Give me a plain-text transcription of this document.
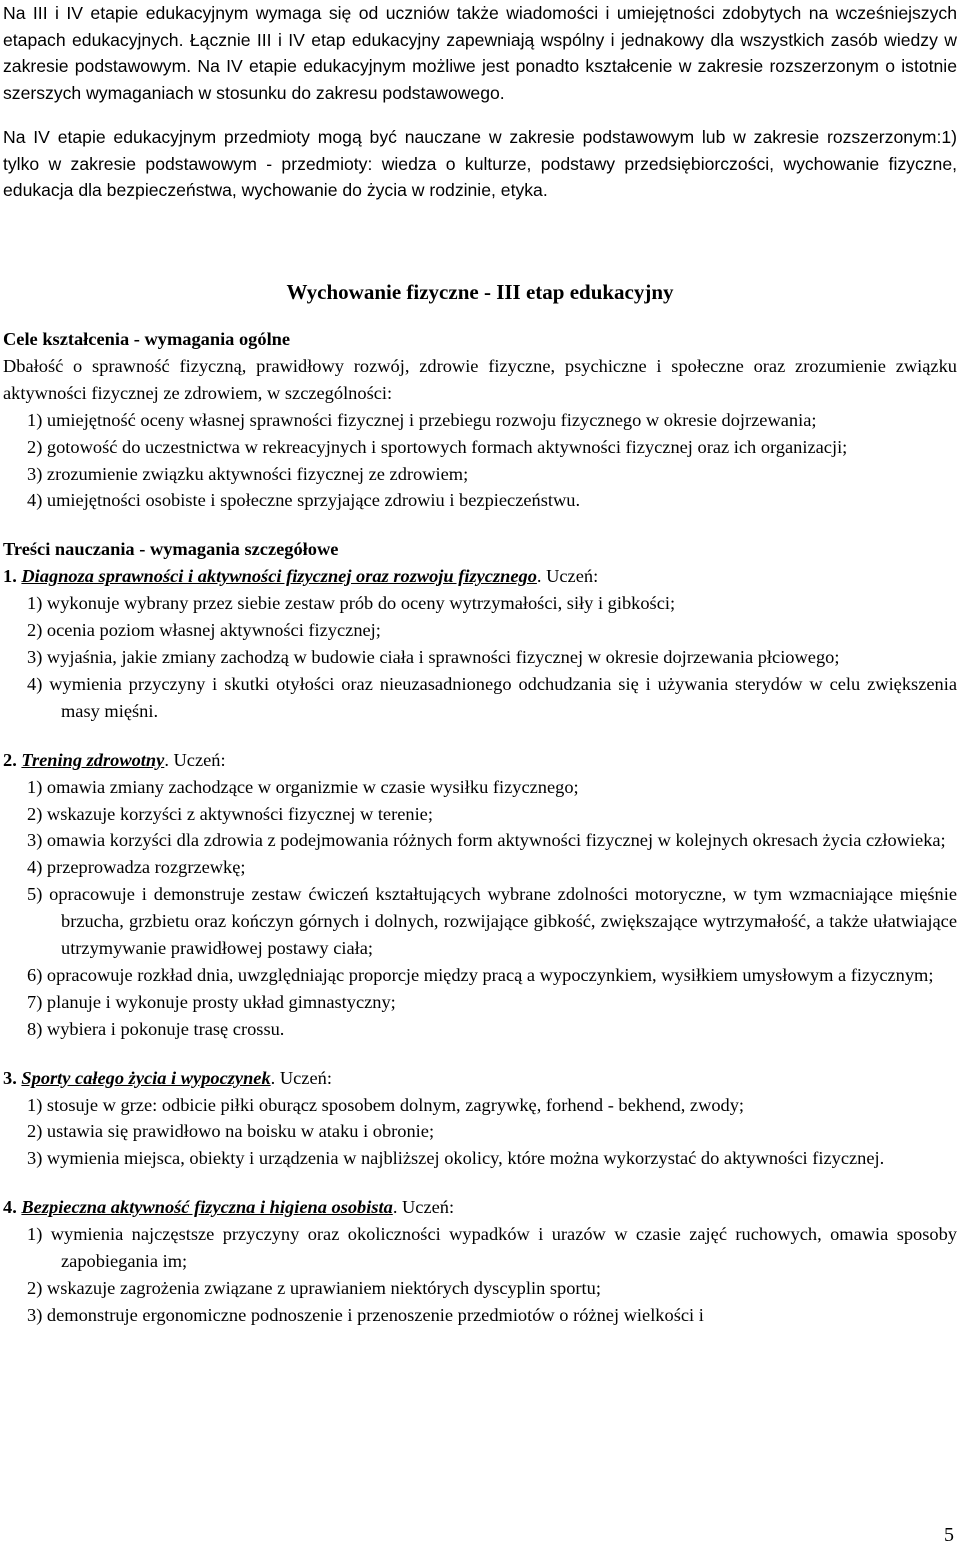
Na III i IV etapie edukacyjnym wymaga się od uczniów także wiadomości i umiejętności zdobytych na wcześniejszych etapach edukacyjnych. Łącznie III i IV etap edukacyjny zapewniają wspólny i jednakowy dla wszystkich zasób wiedzy w zakresie podstawowym. Na IV etapie edukacyjnym możliwe jest ponadto kształcenie w zakresie rozszerzonym o istotnie szerszych wymaganiach w stosunku do zakresu podstawowego.

Na IV etapie edukacyjnym przedmioty mogą być nauczane w zakresie podstawowym lub w zakresie rozszerzonym:1) tylko w zakresie podstawowym - przedmioty: wiedza o kulturze, podstawy przedsiębiorczości, wychowanie fizyczne, edukacja dla bezpieczeństwa, wychowanie do życia w rodzinie, etyka.

Wychowanie fizyczne - III etap edukacyjny
Cele kształcenia - wymagania ogólne

Dbałość o sprawność fizyczną, prawidłowy rozwój, zdrowie fizyczne, psychiczne i społeczne oraz zrozumienie związku aktywności fizycznej ze zdrowiem, w szczególności:

1) umiejętność oceny własnej sprawności fizycznej i przebiegu rozwoju fizycznego w okresie dojrzewania;
2) gotowość do uczestnictwa w rekreacyjnych i sportowych formach aktywności fizycznej oraz ich organizacji;
3) zrozumienie związku aktywności fizycznej ze zdrowiem;
4) umiejętności osobiste i społeczne sprzyjające zdrowiu i bezpieczeństwu.
Treści nauczania - wymagania szczegółowe
1. Diagnoza sprawności i aktywności fizycznej oraz rozwoju fizycznego. Uczeń:
1) wykonuje wybrany przez siebie zestaw prób do oceny wytrzymałości, siły i gibkości;
2) ocenia poziom własnej aktywności fizycznej;
3) wyjaśnia, jakie zmiany zachodzą w budowie ciała i sprawności fizycznej w okresie dojrzewania płciowego;
4) wymienia przyczyny i skutki otyłości oraz nieuzasadnionego odchudzania się i używania sterydów w celu zwiększenia masy mięśni.
2. Trening zdrowotny. Uczeń:
1) omawia zmiany zachodzące w organizmie w czasie wysiłku fizycznego;
2) wskazuje korzyści z aktywności fizycznej w terenie;
3) omawia korzyści dla zdrowia z podejmowania różnych form aktywności fizycznej w kolejnych okresach życia człowieka;
4) przeprowadza rozgrzewkę;
5) opracowuje i demonstruje zestaw ćwiczeń kształtujących wybrane zdolności motoryczne, w tym wzmacniające mięśnie brzucha, grzbietu oraz kończyn górnych i dolnych, rozwijające gibkość, zwiększające wytrzymałość, a także ułatwiające utrzymywanie prawidłowej postawy ciała;
6) opracowuje rozkład dnia, uwzględniając proporcje między pracą a wypoczynkiem, wysiłkiem umysłowym a fizycznym;
7) planuje i wykonuje prosty układ gimnastyczny;
8) wybiera i pokonuje trasę crossu.
3. Sporty całego życia i wypoczynek. Uczeń:
1) stosuje w grze: odbicie piłki oburącz sposobem dolnym, zagrywkę, forhend - bekhend, zwody;
2) ustawia się prawidłowo na boisku w ataku i obronie;
3) wymienia miejsca, obiekty i urządzenia w najbliższej okolicy, które można wykorzystać do aktywności fizycznej.
4. Bezpieczna aktywność fizyczna i higiena osobista. Uczeń:
1) wymienia najczęstsze przyczyny oraz okoliczności wypadków i urazów w czasie zajęć ruchowych, omawia sposoby zapobiegania im;
2) wskazuje zagrożenia związane z uprawianiem niektórych dyscyplin sportu;
3) demonstruje ergonomiczne podnoszenie i przenoszenie przedmiotów o różnej wielkości i
5
